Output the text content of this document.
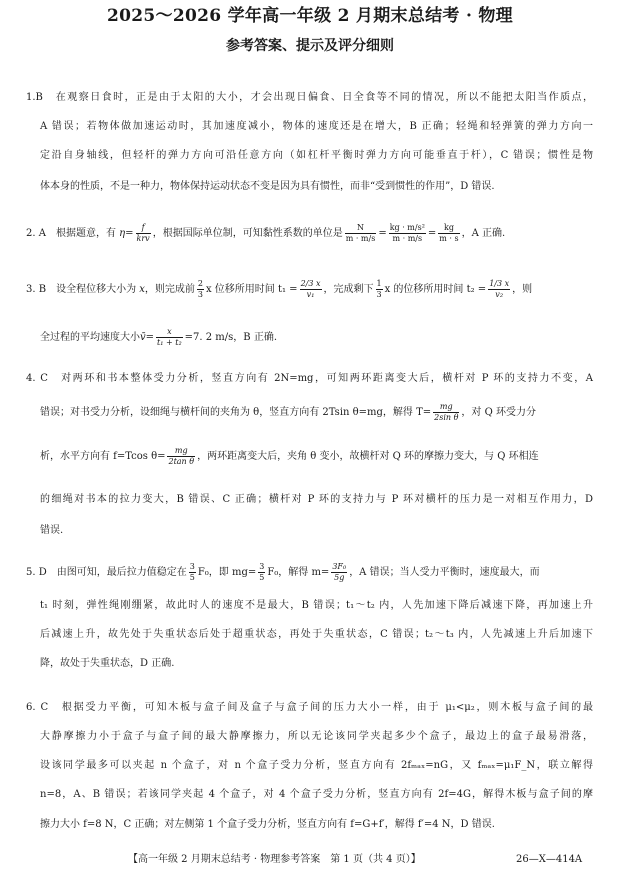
2025～2026 学年高一年级 2 月期末总结考 · 物理
参考答案、提示及评分细则
1.B　在观察日食时，正是由于太阳的大小，才会出现日偏食、日全食等不同的情况，所以不能把太阳当作质点，
A 错误；若物体做加速运动时，其加速度减小，物体的速度还是在增大，B 正确；轻绳和轻弹簧的弹力方向一
定沿自身轴线，但轻杆的弹力方向可沿任意方向（如杠杆平衡时弹力方向可能垂直于杆），C 错误；惯性是物
体本身的性质，不是一种力，物体保持运动状态不变是因为具有惯性，而非“受到惯性的作用”，D 错误.
2. A　根据题意，有 $\eta= \frac{f}{\text{krv}}$ ，根据国际单位制，可知黏性系数的单位是 $\frac{N}{m \cdot m/s} = \frac{\text{kg · m/s²}}{m \cdot m/s} = \frac{kg}{m \cdot s}$ ，A 正确.
3. B　设全程位移大小为 x，则完成前 $\frac{2}{3}$ x 位移所用时间 $t_1 = \frac{2/3 x}{\text{v₁}}$ ，完成剩下 $\frac{1}{3}$ x 的位移所用时间 $t_2 = \frac{1/3 x}{\text{v₂}}$ ，则
全过程的平均速度大小v̄= $\frac{x}{\text{t₁ + t₂}} =7$. 2 m/s，B 正确.
4. C　对两环和书本整体受力分析，竖直方向有 2N=mg，可知两环距离变大后，横杆对 P 环的支持力不变，A
错误；对书受力分析，设细绳与横杆间的夹角为 θ，竖直方向有 2Tsin θ=mg，解得 $T= \frac{mg}{\text{2sin θ}}$ ，对 Q 环受力分
析，水平方向有 f=Tcos $\theta= \frac{mg}{\text{2tan θ}}$ ，两环距离变大后，夹角 θ 变小，故横杆对 Q 环的摩擦力变大，与 Q 环相连
的细绳对书本的拉力变大，B 错误、C 正确；横杆对 P 环的支持力与 P 环对横杆的压力是一对相互作用力，D
错误.
5. D　由图可知，最后拉力值稳定在 $\frac{3}{5} F_0$，即 $mg= \frac{3}{5} F_0$，解得 $m= \frac{\text{3F₀}}{5g}$ ，A 错误；当人受力平衡时，速度最大，而
t₁ 时刻，弹性绳刚绷紧，故此时人的速度不是最大，B 错误；t₁～t₂ 内，人先加速下降后减速下降，再加速上升
后减速上升，故先处于失重状态后处于超重状态，再处于失重状态，C 错误；t₂～t₃ 内，人先减速上升后加速下
降，故处于失重状态，D 正确.
6. C　根据受力平衡，可知木板与盒子间及盒子与盒子间的压力大小一样，由于 μ₁<μ₂，则木板与盒子间的最
大静摩擦力小于盒子与盒子间的最大静摩擦力，所以无论该同学夹起多少个盒子，最边上的盒子最易滑落，
设该同学最多可以夹起 n 个盒子，对 n 个盒子受力分析，竖直方向有 2fₘₐₓ=nG，又 fₘₐₓ=μ₁F_N，联立解得
n=8，A、B 错误；若该同学夹起 4 个盒子，对 4 个盒子受力分析，竖直方向有 2f=4G，解得木板与盒子间的摩
擦力大小 f=8 N，C 正确；对左侧第 1 个盒子受力分析，竖直方向有 f=G+f′，解得 f′=4 N，D 错误.
【高一年级 2 月期末总结考 · 物理参考答案　第 1 页（共 4 页）】	26—X—414A
